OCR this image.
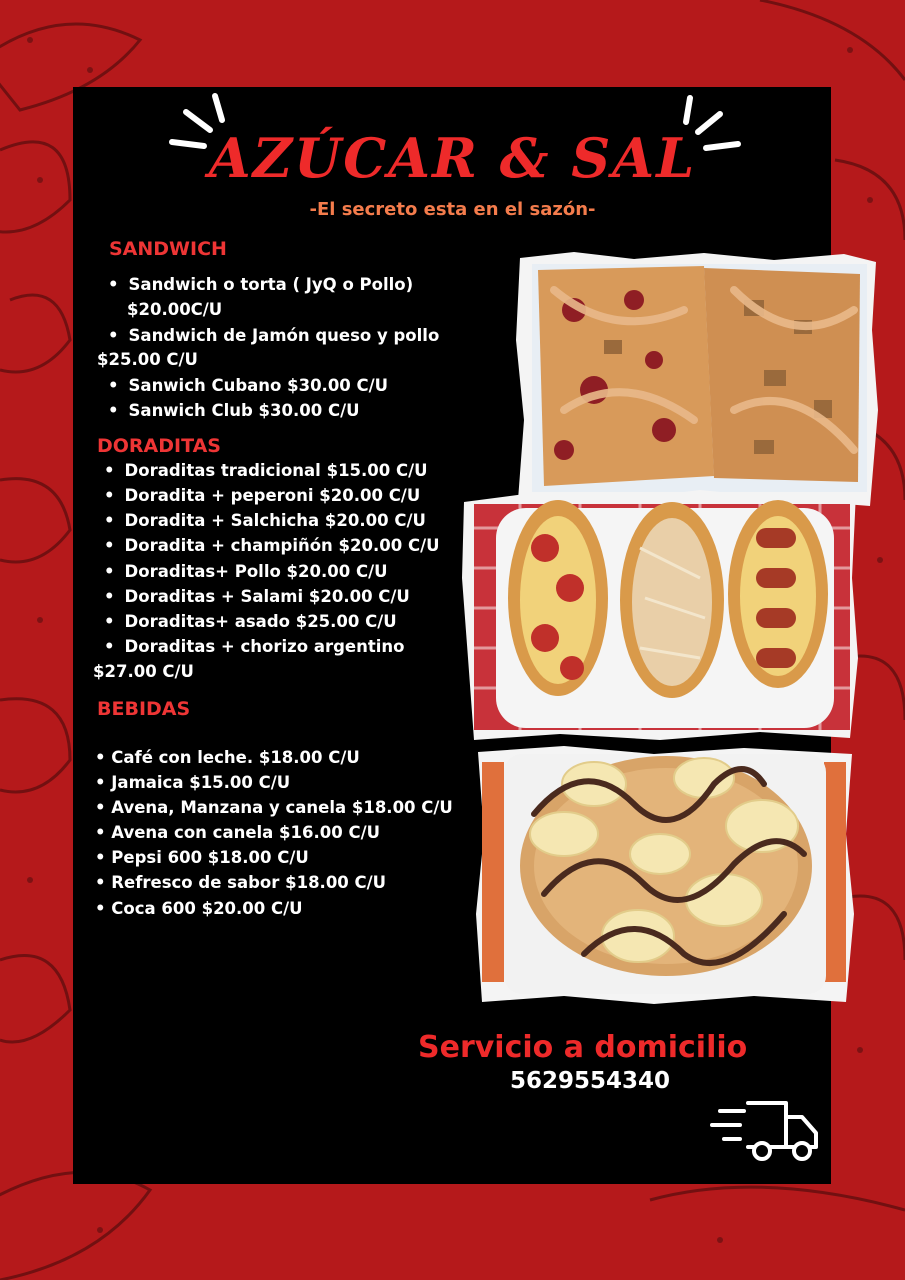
AZÚCAR & SAL
-El secreto esta en el sazón-
SANDWICH
• Sandwich o torta ( JyQ o Pollo)
$20.00C/U
• Sandwich de Jamón queso y pollo
$25.00 C/U
• Sanwich Cubano $30.00 C/U
• Sanwich Club $30.00 C/U
DORADITAS
• Doraditas tradicional $15.00 C/U
• Doradita + peperoni $20.00 C/U
• Doradita + Salchicha $20.00 C/U
• Doradita + champiñón $20.00 C/U
• Doraditas+ Pollo $20.00 C/U
• Doraditas + Salami $20.00 C/U
• Doraditas+ asado $25.00 C/U
• Doraditas + chorizo argentino
$27.00 C/U
BEBIDAS
• Café con leche. $18.00 C/U
• Jamaica $15.00 C/U
• Avena, Manzana y canela $18.00 C/U
• Avena con canela $16.00 C/U
• Pepsi 600 $18.00 C/U
• Refresco de sabor $18.00 C/U
• Coca 600 $20.00 C/U
Servicio a domicilio
5629554340
